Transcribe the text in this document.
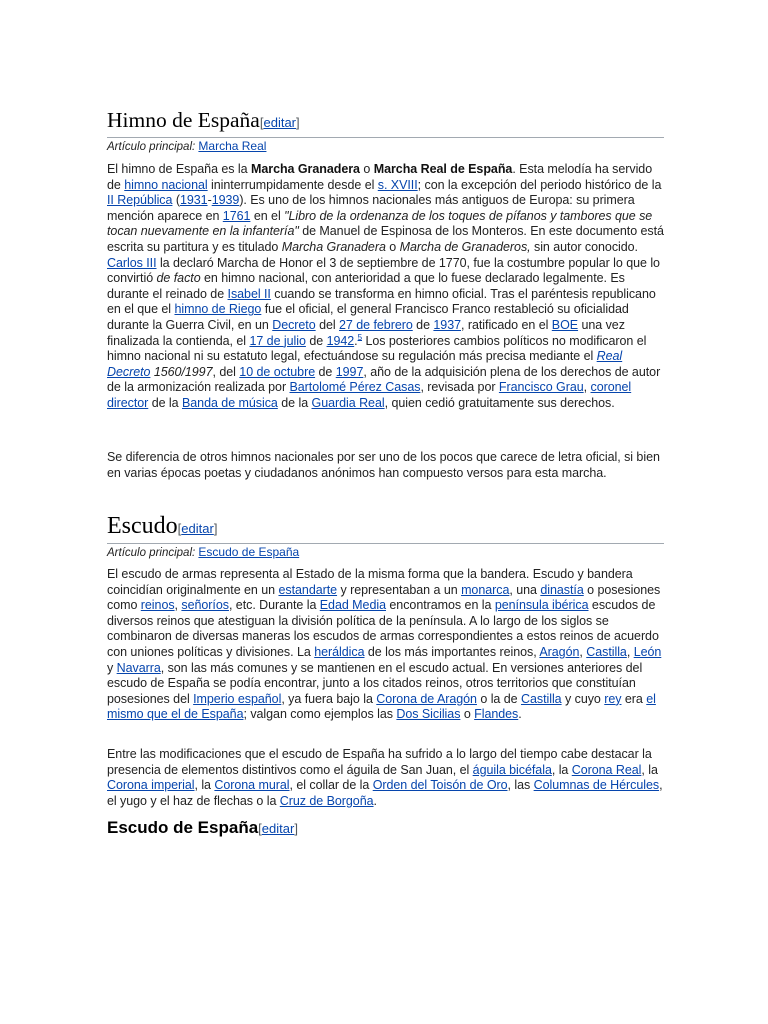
Himno de España[editar]
Artículo principal: Marcha Real

El himno de España es la Marcha Granadera o Marcha Real de España. Esta melodía ha servido de himno nacional ininterrumpidamente desde el s. XVIII; con la excepción del periodo histórico de la II República (1931-1939). Es uno de los himnos nacionales más antiguos de Europa: su primera mención aparece en 1761 en el "Libro de la ordenanza de los toques de pífanos y tambores que se tocan nuevamente en la infantería" de Manuel de Espinosa de los Monteros. En este documento está escrita su partitura y es titulado Marcha Granadera o Marcha de Granaderos, sin autor conocido. Carlos III la declaró Marcha de Honor el 3 de septiembre de 1770, fue la costumbre popular lo que lo convirtió de facto en himno nacional, con anterioridad a que lo fuese declarado legalmente. Es durante el reinado de Isabel II cuando se transforma en himno oficial. Tras el paréntesis republicano en el que el himno de Riego fue el oficial, el general Francisco Franco restableció su oficialidad durante la Guerra Civil, en un Decreto del 27 de febrero de 1937, ratificado en el BOE una vez finalizada la contienda, el 17 de julio de 1942.$^5$ Los posteriores cambios políticos no modificaron el himno nacional ni su estatuto legal, efectuándose su regulación más precisa mediante el Real Decreto 1560/1997, del 10 de octubre de 1997, año de la adquisición plena de los derechos de autor de la armonización realizada por Bartolomé Pérez Casas, revisada por Francisco Grau, coronel director de la Banda de música de la Guardia Real, quien cedió gratuitamente sus derechos.

Se diferencia de otros himnos nacionales por ser uno de los pocos que carece de letra oficial, si bien en varias épocas poetas y ciudadanos anónimos han compuesto versos para esta marcha.

Escudo[editar]
Artículo principal: Escudo de España

El escudo de armas representa al Estado de la misma forma que la bandera. Escudo y bandera coincidían originalmente en un estandarte y representaban a un monarca, una dinastía o posesiones como reinos, señoríos, etc. Durante la Edad Media encontramos en la península ibérica escudos de diversos reinos que atestiguan la división política de la península. A lo largo de los siglos se combinaron de diversas maneras los escudos de armas correspondientes a estos reinos de acuerdo con uniones políticas y divisiones. La heráldica de los más importantes reinos, Aragón, Castilla, León y Navarra, son las más comunes y se mantienen en el escudo actual. En versiones anteriores del escudo de España se podía encontrar, junto a los citados reinos, otros territorios que constituían posesiones del Imperio español, ya fuera bajo la Corona de Aragón o la de Castilla y cuyo rey era el mismo que el de España; valgan como ejemplos las Dos Sicilias o Flandes.

Entre las modificaciones que el escudo de España ha sufrido a lo largo del tiempo cabe destacar la presencia de elementos distintivos como el águila de San Juan, el águila bicéfala, la Corona Real, la Corona imperial, la Corona mural, el collar de la Orden del Toisón de Oro, las Columnas de Hércules, el yugo y el haz de flechas o la Cruz de Borgoña.

Escudo de España[editar]
